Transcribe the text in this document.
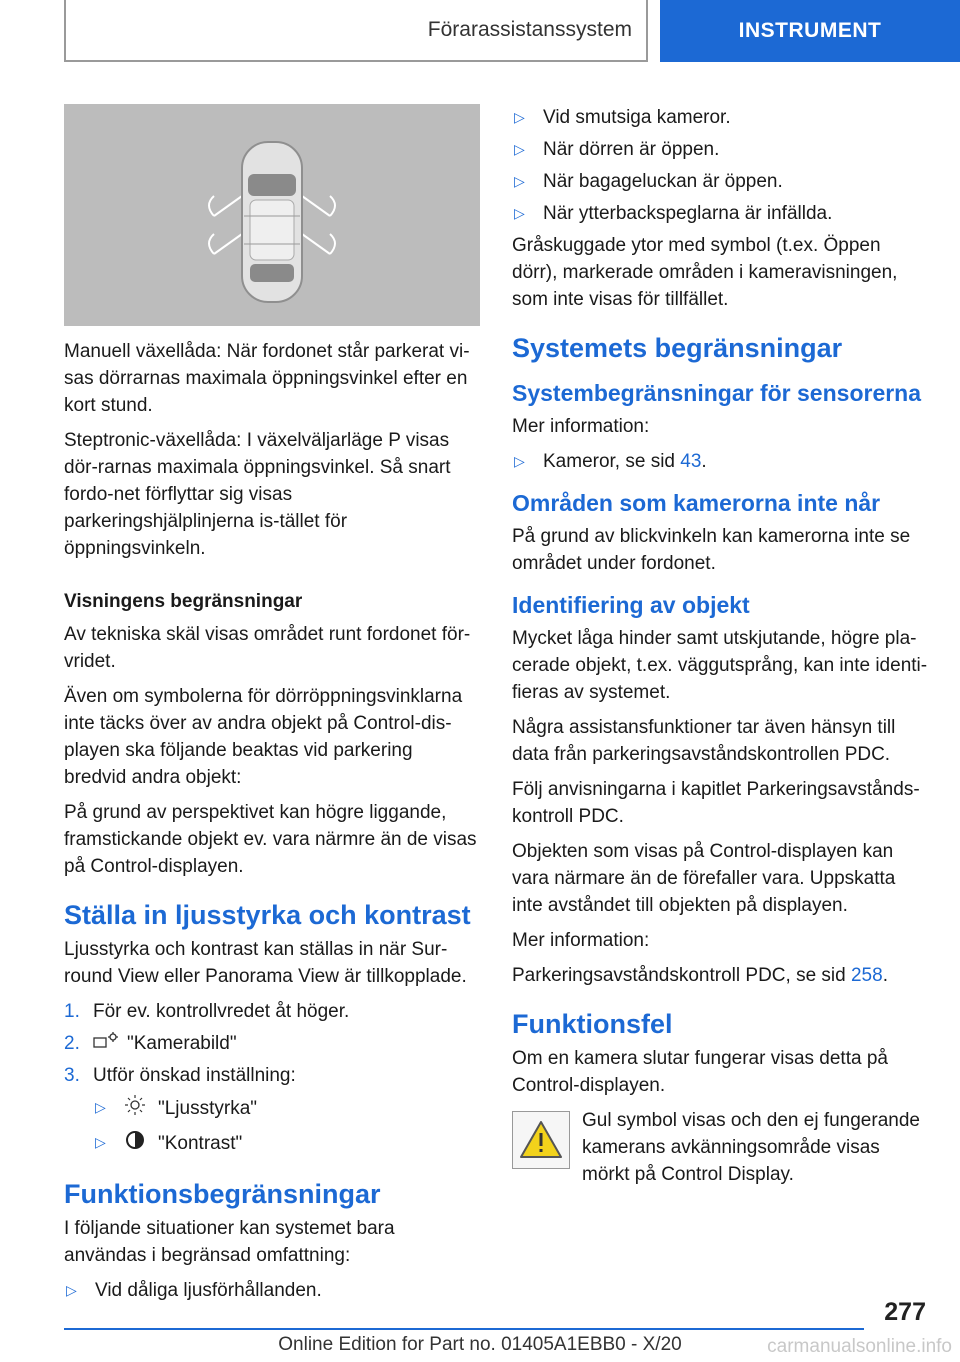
Förarassistanssystem	INSTRUMENT

Manuell växellåda: När fordonet står parkerat vi-sas dörrarnas maximala öppningsvinkel efter en kort stund.

Steptronic-växellåda: I växelväljarläge P visas dör-rarnas maximala öppningsvinkel. Så snart fordo-net förflyttar sig visas parkeringshjälplinjerna is-tället för öppningsvinkeln.

Visningens begränsningar

Av tekniska skäl visas området runt fordonet för-vridet.

Även om symbolerna för dörröppningsvinklarna inte täcks över av andra objekt på Control-dis-playen ska följande beaktas vid parkering bredvid andra objekt:

På grund av perspektivet kan högre liggande, framstickande objekt ev. vara närmre än de visas på Control-displayen.

Ställa in ljusstyrka och kontrast

Ljusstyrka och kontrast kan ställas in när Sur-round View eller Panorama View är tillkopplade.

1. För ev. kontrollvredet åt höger.
2.	"Kamerabild"
3. Utför önskad inställning:
▷	"Ljusstyrka"
▷	"Kontrast"
Funktionsbegränsningar

I följande situationer kan systemet bara användas i begränsad omfattning:

▷ Vid dåliga ljusförhållanden.
▷ Vid smutsiga kameror.
▷ När dörren är öppen.
▷ När bagageluckan är öppen.
▷ När ytterbackspeglarna är infällda.

Gråskuggade ytor med symbol (t.ex. Öppen dörr), markerade områden i kameravisningen, som inte visas för tillfället.

Systemets begränsningar
Systembegränsningar för sensorerna

Mer information:

▷ Kameror, se sid 43.
Områden som kamerorna inte når

På grund av blickvinkeln kan kamerorna inte se området under fordonet.

Identifiering av objekt

Mycket låga hinder samt utskjutande, högre pla-cerade objekt, t.ex. väggutsprång, kan inte identi-fieras av systemet.

Några assistansfunktioner tar även hänsyn till data från parkeringsavståndskontrollen PDC.

Följ anvisningarna i kapitlet Parkeringsavstånds-kontroll PDC.

Objekten som visas på Control-displayen kan vara närmare än de förefaller vara. Uppskatta inte avståndet till objekten på displayen.

Mer information:

Parkeringsavståndskontroll PDC, se sid 258.

Funktionsfel

Om en kamera slutar fungerar visas detta på Control-displayen.

Gul symbol visas och den ej fungerande kamerans avkänningsområde visas mörkt på Control Display.

277
Online Edition for Part no. 01405A1EBB0 - X/20	carmanualsonline.info
